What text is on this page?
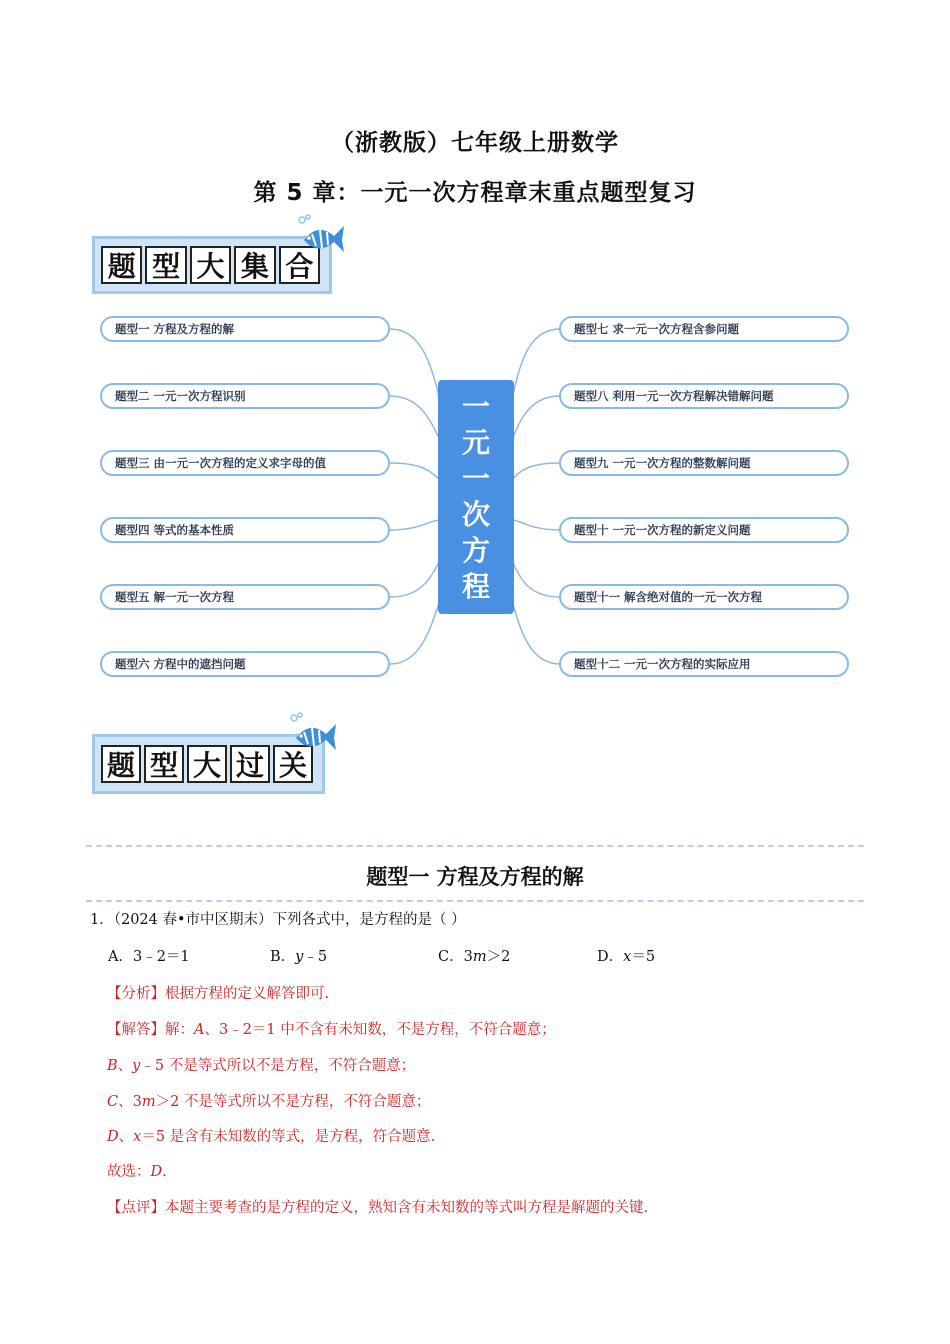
（浙教版）七年级上册数学
第 5 章：一元一次方程章末重点题型复习
题 型 大 集 合
题型一 方程及方程的解
题型二 一元一次方程识别
题型三 由一元一次方程的定义求字母的值
题型四 等式的基本性质
题型五 解一元一次方程
题型六 方程中的遮挡问题
一
元
一
次
方
程
题型七 求一元一次方程含参问题
题型八 利用一元一次方程解决错解问题
题型九 一元一次方程的整数解问题
题型十 一元一次方程的新定义问题
题型十一 解含绝对值的一元一次方程
题型十二 一元一次方程的实际应用
题 型 大 过 关
题型一 方程及方程的解
1．（2024 春•市中区期末）下列各式中，是方程的是（ ）
A．3﹣2＝1	B．y﹣5	C．3m＞2	D．x＝5
【分析】根据方程的定义解答即可.
【解答】解：A、3﹣2＝1 中不含有未知数，不是方程，不符合题意；
B、y﹣5 不是等式所以不是方程，不符合题意；
C、3m＞2 不是等式所以不是方程，不符合题意；
D、x＝5 是含有未知数的等式，是方程，符合题意.
故选：D.
【点评】本题主要考查的是方程的定义，熟知含有未知数的等式叫方程是解题的关键.
